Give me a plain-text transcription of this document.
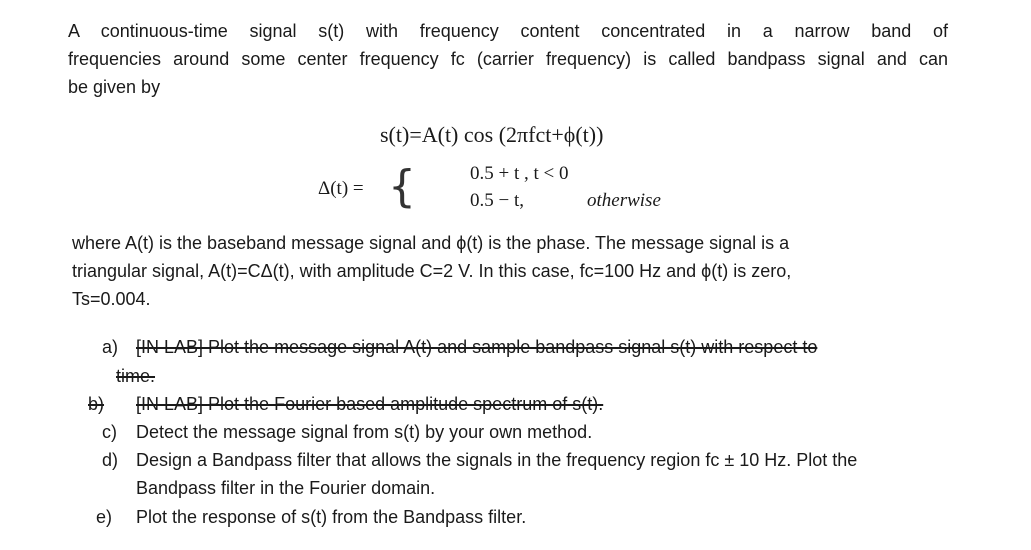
A continuous-time signal s(t) with frequency content concentrated in a narrow band of
frequencies around some center frequency fc (carrier frequency) is called bandpass signal and can
be given by
s(t)=A(t) cos (2πfct+ϕ(t))
Δ(t) = {	0.5 + t , t < 0
0.5 − t,	otherwise
where A(t) is the baseband message signal and ϕ(t) is the phase. The message signal is a
triangular signal, A(t)=CΔ(t), with amplitude C=2 V. In this case, fc=100 Hz and ϕ(t) is zero,
Ts=0.004.
a) [IN LAB] Plot the message signal A(t) and sample bandpass signal s(t) with respect to
time.
b)	[IN LAB] Plot the Fourier based amplitude spectrum of s(t).
c)	Detect the message signal from s(t) by your own method.
d) Design a Bandpass filter that allows the signals in the frequency region fc ± 10 Hz. Plot the
Bandpass filter in the Fourier domain.
e)	Plot the response of s(t) from the Bandpass filter.
